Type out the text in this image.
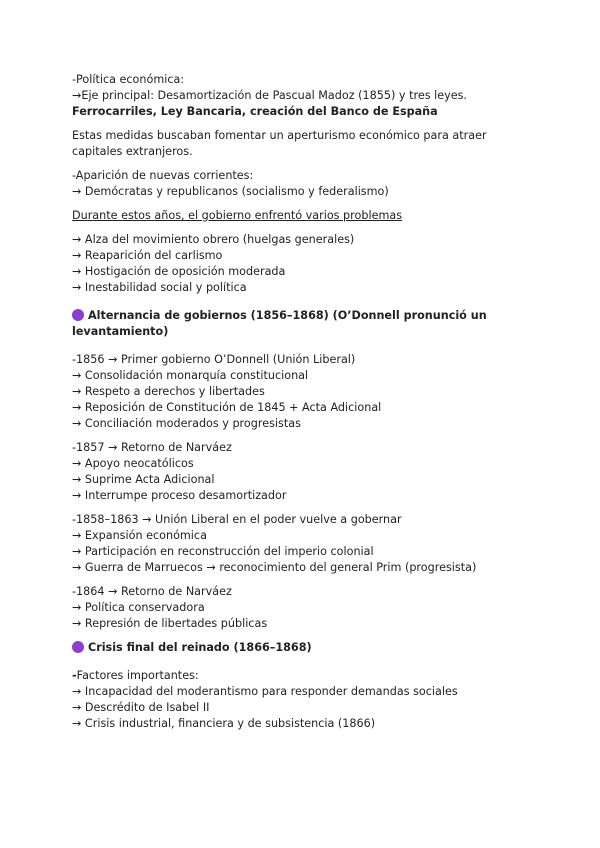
-Política económica:
→Eje principal: Desamortización de Pascual Madoz (1855) y tres leyes. Ferrocarriles, Ley Bancaria, creación del Banco de España
Estas medidas buscaban fomentar un aperturismo económico para atraer capitales extranjeros.
-Aparición de nuevas corrientes:
→ Demócratas y republicanos (socialismo y federalismo)
Durante estos años, el gobierno enfrentó varios problemas
→ Alza del movimiento obrero (huelgas generales)
→ Reaparición del carlismo
→ Hostigación de oposición moderada
→ Inestabilidad social y política
Alternancia de gobiernos (1856–1868) (O’Donnell pronunció un levantamiento)
-1856 → Primer gobierno O’Donnell (Unión Liberal)
→ Consolidación monarquía constitucional
→ Respeto a derechos y libertades
→ Reposición de Constitución de 1845 + Acta Adicional
→ Conciliación moderados y progresistas
-1857 → Retorno de Narváez
→ Apoyo neocatólicos
→ Suprime Acta Adicional
→ Interrumpe proceso desamortizador
-1858–1863 → Unión Liberal en el poder vuelve a gobernar
→ Expansión económica
→ Participación en reconstrucción del imperio colonial
→ Guerra de Marruecos → reconocimiento del general Prim (progresista)
-1864 → Retorno de Narváez
→ Política conservadora
→ Represión de libertades públicas
Crisis final del reinado (1866–1868)
-Factores importantes:
→ Incapacidad del moderantismo para responder demandas sociales
→ Descrédito de Isabel II
→ Crisis industrial, financiera y de subsistencia (1866)
